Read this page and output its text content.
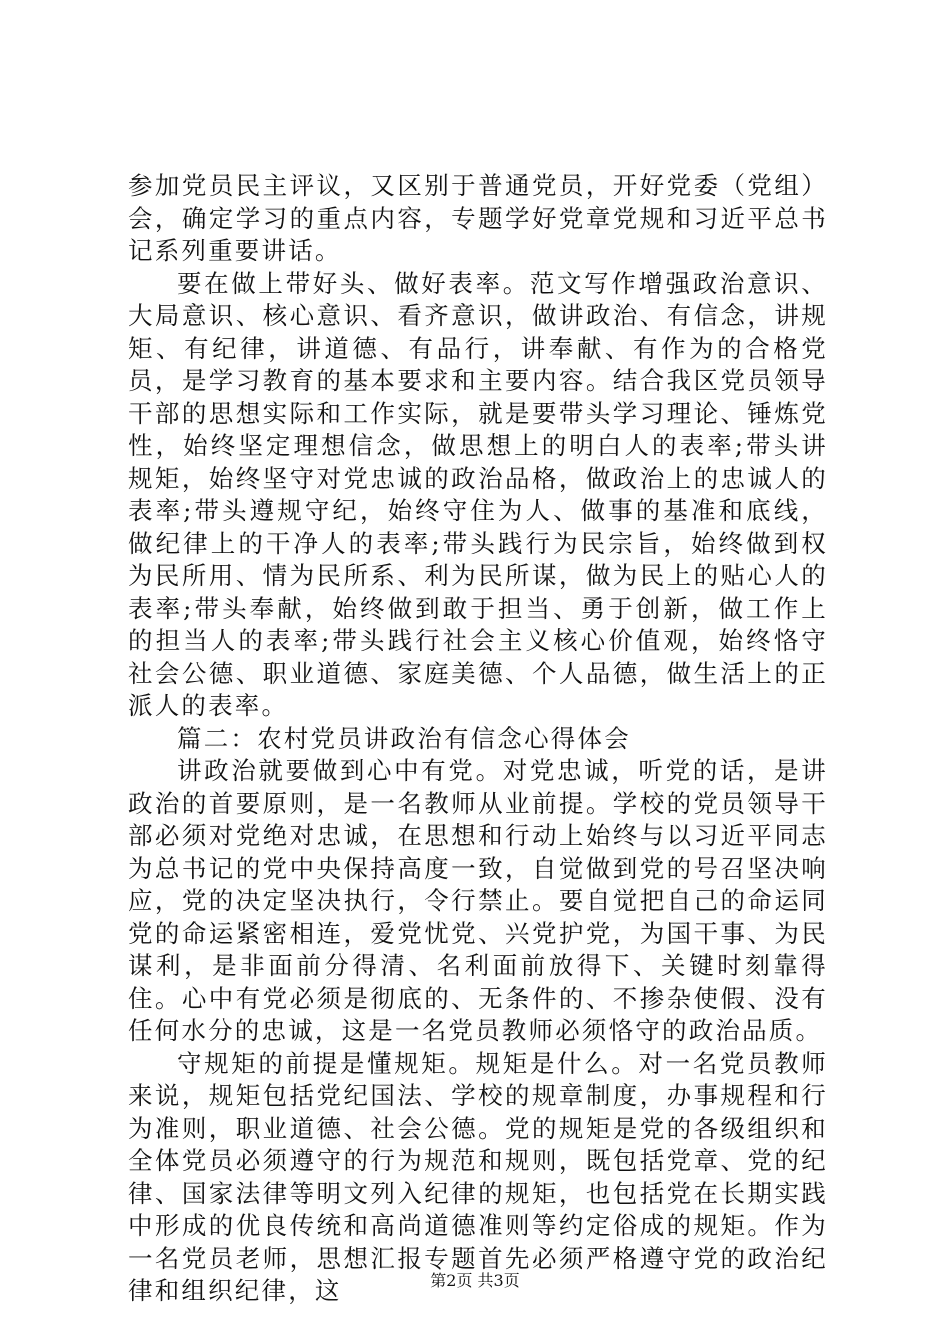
参加党员民主评议，又区别于普通党员，开好党委（党组）会，确定学习的重点内容，专题学好党章党规和习近平总书记系列重要讲话。

要在做上带好头、做好表率。范文写作增强政治意识、大局意识、核心意识、看齐意识，做讲政治、有信念，讲规矩、有纪律，讲道德、有品行，讲奉献、有作为的合格党员，是学习教育的基本要求和主要内容。结合我区党员领导干部的思想实际和工作实际，就是要带头学习理论、锤炼党性，始终坚定理想信念，做思想上的明白人的表率;带头讲规矩，始终坚守对党忠诚的政治品格，做政治上的忠诚人的表率;带头遵规守纪，始终守住为人、做事的基准和底线，做纪律上的干净人的表率;带头践行为民宗旨，始终做到权为民所用、情为民所系、利为民所谋，做为民上的贴心人的表率;带头奉献，始终做到敢于担当、勇于创新，做工作上的担当人的表率;带头践行社会主义核心价值观，始终恪守社会公德、职业道德、家庭美德、个人品德，做生活上的正派人的表率。

篇二：农村党员讲政治有信念心得体会

讲政治就要做到心中有党。对党忠诚，听党的话，是讲政治的首要原则，是一名教师从业前提。学校的党员领导干部必须对党绝对忠诚，在思想和行动上始终与以习近平同志为总书记的党中央保持高度一致，自觉做到党的号召坚决响应，党的决定坚决执行，令行禁止。要自觉把自己的命运同党的命运紧密相连，爱党忧党、兴党护党，为国干事、为民谋利，是非面前分得清、名利面前放得下、关键时刻靠得住。心中有党必须是彻底的、无条件的、不掺杂使假、没有任何水分的忠诚，这是一名党员教师必须恪守的政治品质。

守规矩的前提是懂规矩。规矩是什么。对一名党员教师来说，规矩包括党纪国法、学校的规章制度，办事规程和行为准则，职业道德、社会公德。党的规矩是党的各级组织和全体党员必须遵守的行为规范和规则，既包括党章、党的纪律、国家法律等明文列入纪律的规矩，也包括党在长期实践中形成的优良传统和高尚道德准则等约定俗成的规矩。作为一名党员老师，思想汇报专题首先必须严格遵守党的政治纪律和组织纪律，这	第2页 共3页
